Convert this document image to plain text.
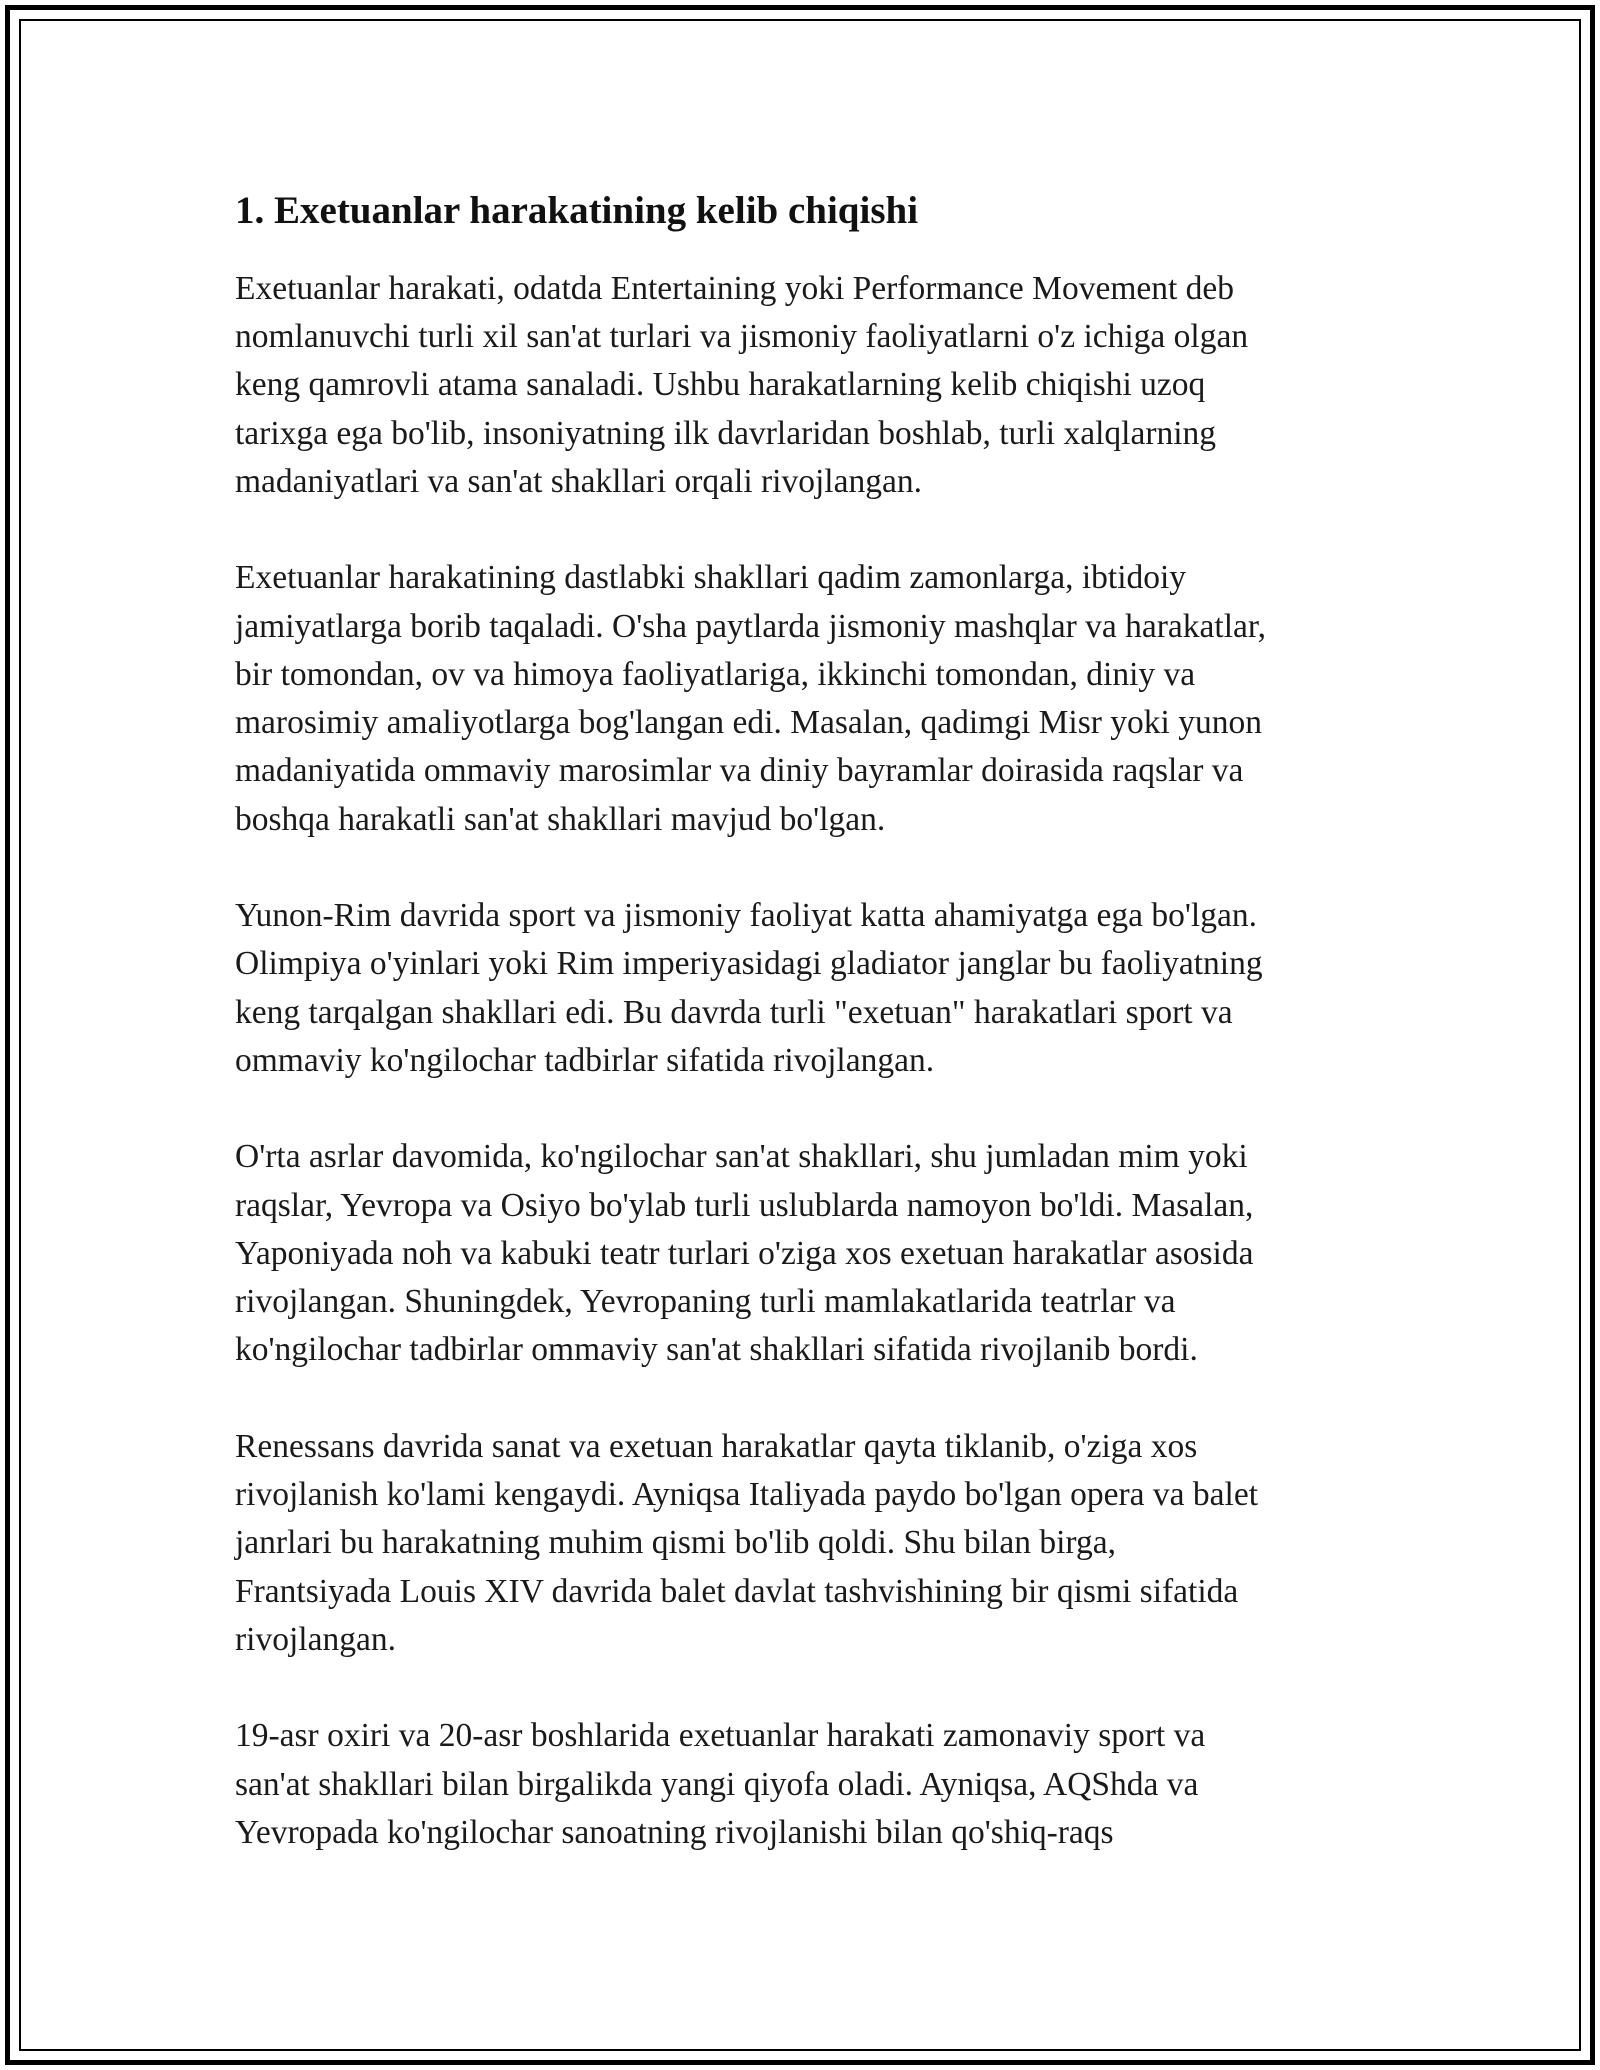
1. Exetuanlar harakatining kelib chiqishi

Exetuanlar harakati, odatda Entertaining yoki Performance Movement deb
nomlanuvchi turli xil san'at turlari va jismoniy faoliyatlarni o'z ichiga olgan
keng qamrovli atama sanaladi. Ushbu harakatlarning kelib chiqishi uzoq
tarixga ega bo'lib, insoniyatning ilk davrlaridan boshlab, turli xalqlarning
madaniyatlari va san'at shakllari orqali rivojlangan.

Exetuanlar harakatining dastlabki shakllari qadim zamonlarga, ibtidoiy
jamiyatlarga borib taqaladi. O'sha paytlarda jismoniy mashqlar va harakatlar,
bir tomondan, ov va himoya faoliyatlariga, ikkinchi tomondan, diniy va
marosimiy amaliyotlarga bog'langan edi. Masalan, qadimgi Misr yoki yunon
madaniyatida ommaviy marosimlar va diniy bayramlar doirasida raqslar va
boshqa harakatli san'at shakllari mavjud bo'lgan.

Yunon-Rim davrida sport va jismoniy faoliyat katta ahamiyatga ega bo'lgan.
Olimpiya o'yinlari yoki Rim imperiyasidagi gladiator janglar bu faoliyatning
keng tarqalgan shakllari edi. Bu davrda turli "exetuan" harakatlari sport va
ommaviy ko'ngilochar tadbirlar sifatida rivojlangan.

O'rta asrlar davomida, ko'ngilochar san'at shakllari, shu jumladan mim yoki
raqslar, Yevropa va Osiyo bo'ylab turli uslublarda namoyon bo'ldi. Masalan,
Yaponiyada noh va kabuki teatr turlari o'ziga xos exetuan harakatlar asosida
rivojlangan. Shuningdek, Yevropaning turli mamlakatlarida teatrlar va
ko'ngilochar tadbirlar ommaviy san'at shakllari sifatida rivojlanib bordi.

Renessans davrida sanat va exetuan harakatlar qayta tiklanib, o'ziga xos
rivojlanish ko'lami kengaydi. Ayniqsa Italiyada paydo bo'lgan opera va balet
janrlari bu harakatning muhim qismi bo'lib qoldi. Shu bilan birga,
Frantsiyada Louis XIV davrida balet davlat tashvishining bir qismi sifatida
rivojlangan.

19-asr oxiri va 20-asr boshlarida exetuanlar harakati zamonaviy sport va
san'at shakllari bilan birgalikda yangi qiyofa oladi. Ayniqsa, AQShda va
Yevropada ko'ngilochar sanoatning rivojlanishi bilan qo'shiq-raqs
